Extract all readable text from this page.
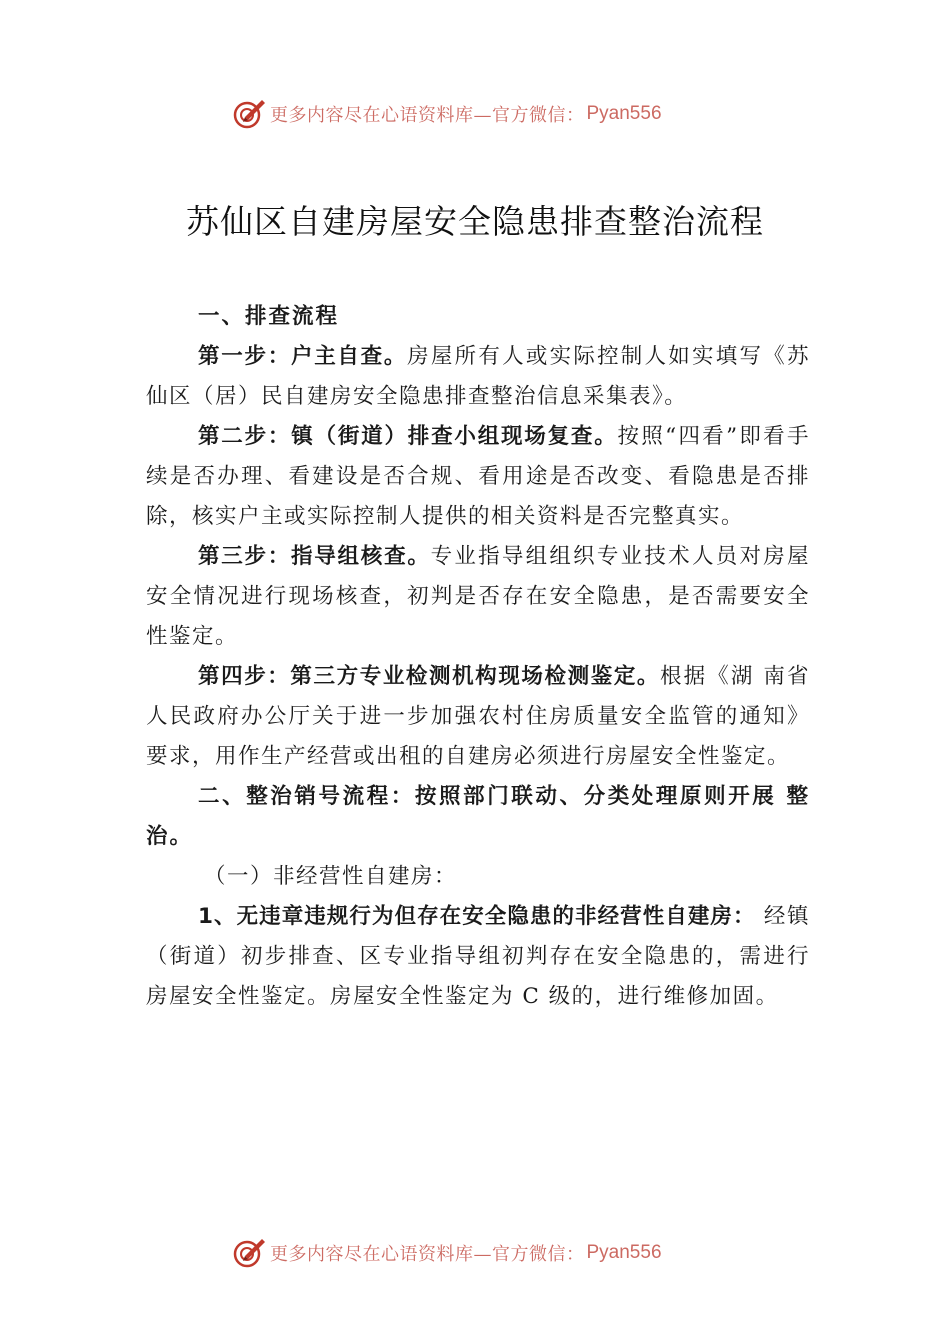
更多内容尽在心语资料库—官方微信： Pyan556
苏仙区自建房屋安全隐患排查整治流程

一、排查流程

第一步：户主自查。房屋所有人或实际控制人如实填写《苏仙区（居）民自建房安全隐患排查整治信息采集表》。

第二步：镇（街道）排查小组现场复查。按照“四看”即看手续是否办理、看建设是否合规、看用途是否改变、看隐患是否排除，核实户主或实际控制人提供的相关资料是否完整真实。

第三步：指导组核查。专业指导组组织专业技术人员对房屋安全情况进行现场核查，初判是否存在安全隐患，是否需要安全性鉴定。

第四步：第三方专业检测机构现场检测鉴定。根据《湖 南省人民政府办公厅关于进一步加强农村住房质量安全监管的通知》要求，用作生产经营或出租的自建房必须进行房屋安全性鉴定。

二、整治销号流程：按照部门联动、分类处理原则开展 整治。

（一）非经营性自建房：

1、无违章违规行为但存在安全隐患的非经营性自建房： 经镇（街道）初步排查、区专业指导组初判存在安全隐患的，需进行房屋安全性鉴定。房屋安全性鉴定为 C 级的，进行维修加固。

更多内容尽在心语资料库—官方微信： Pyan556
